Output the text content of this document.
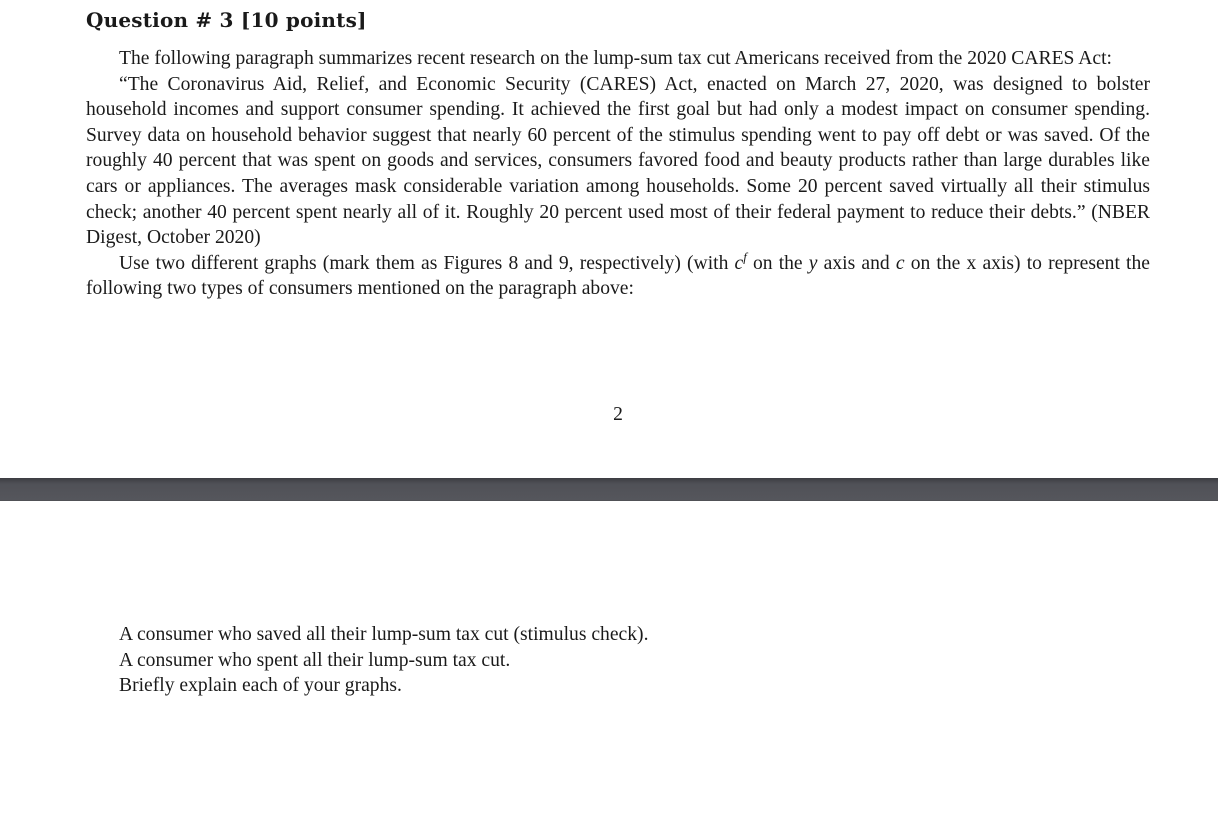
Question # 3 [10 points]

The following paragraph summarizes recent research on the lump-sum tax cut Americans received from the 2020 CARES Act:

“The Coronavirus Aid, Relief, and Economic Security (CARES) Act, enacted on March 27, 2020, was designed to bolster household incomes and support consumer spending. It achieved the first goal but had only a modest impact on consumer spending. Survey data on household behavior suggest that nearly 60 percent of the stimulus spending went to pay off debt or was saved. Of the roughly 40 percent that was spent on goods and services, consumers favored food and beauty products rather than large durables like cars or appliances. The averages mask considerable variation among households. Some 20 percent saved virtually all their stimulus check; another 40 percent spent nearly all of it. Roughly 20 percent used most of their federal payment to reduce their debts.” (NBER Digest, October 2020)

Use two different graphs (mark them as Figures 8 and 9, respectively) (with $c^f$ on the y axis and c on the x axis) to represent the following two types of consumers mentioned on the paragraph above:

2
A consumer who saved all their lump-sum tax cut (stimulus check).
A consumer who spent all their lump-sum tax cut.
Briefly explain each of your graphs.
